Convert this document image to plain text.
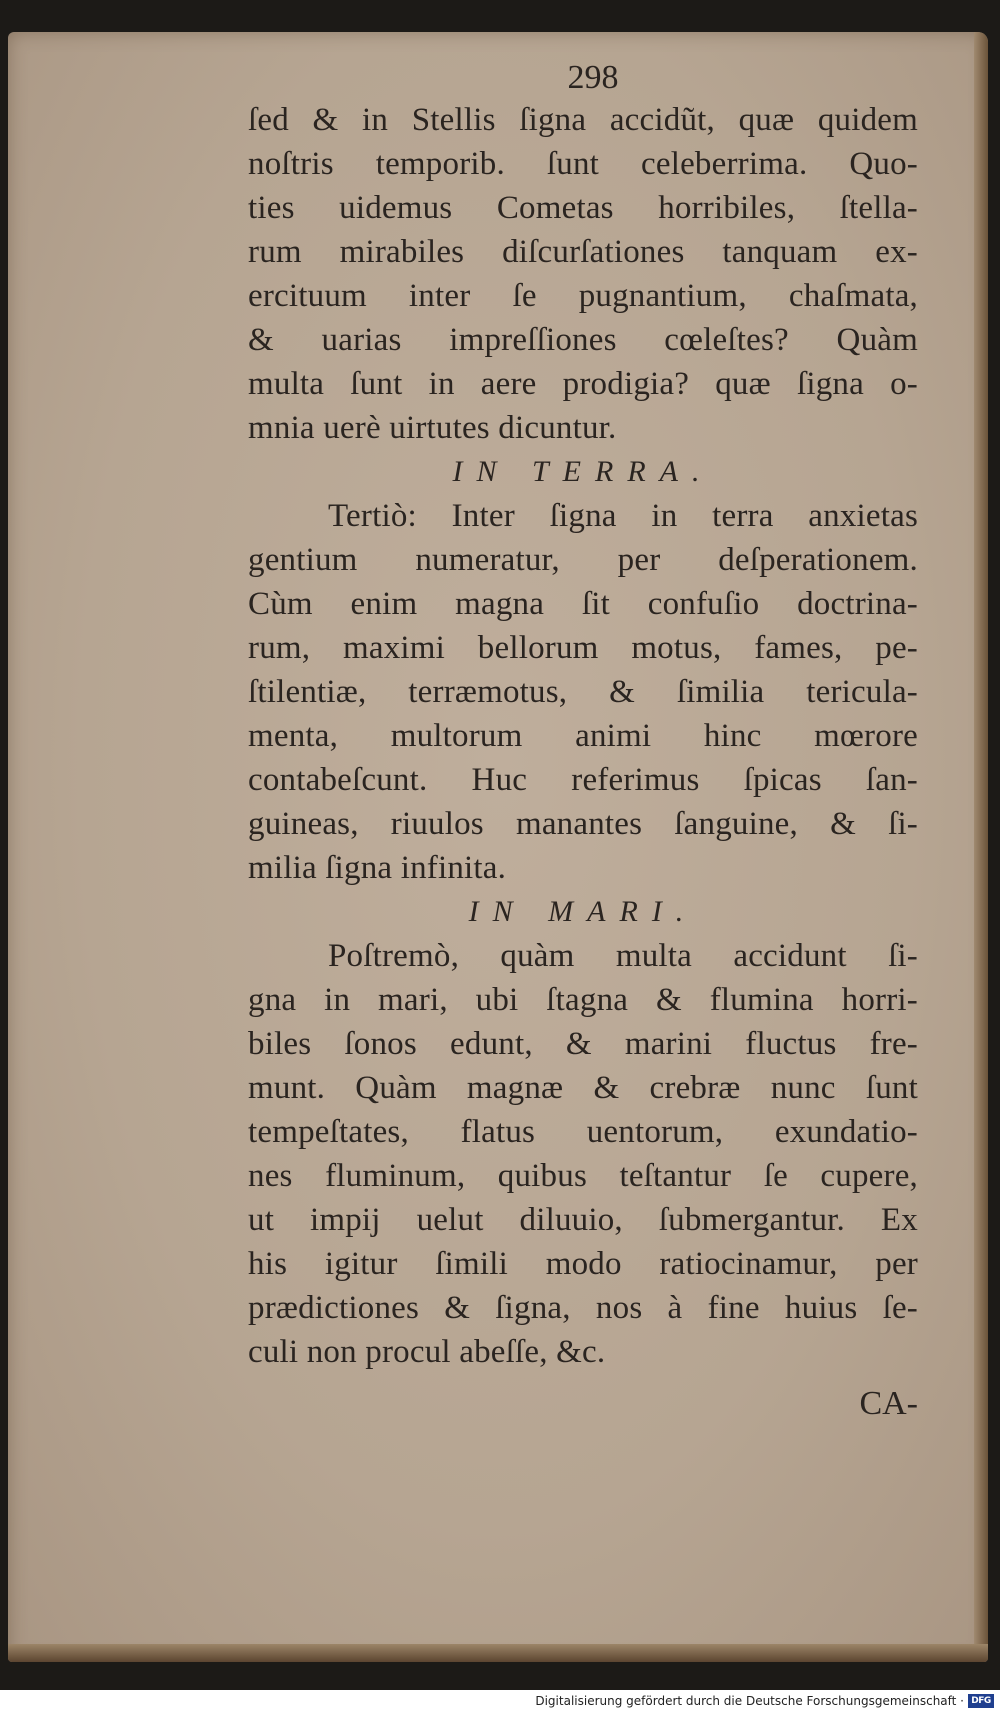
298
ſed & in Stellis ſigna accidũt, quæ quidem
noſtris temporib. ſunt celeberrima. Quo-
ties uidemus Cometas horribiles, ſtella-
rum mirabiles diſcurſationes tanquam ex-
ercituum inter ſe pugnantium, chaſmata,
& uarias impreſſiones cœleſtes? Quàm
multa ſunt in aere prodigia? quæ ſigna o-
mnia uerè uirtutes dicuntur.
IN TERRA.
Tertiò: Inter ſigna in terra anxietas
gentium numeratur, per deſperationem.
Cùm enim magna ſit confuſio doctrina-
rum, maximi bellorum motus, fames, pe-
ſtilentiæ, terræmotus, & ſimilia tericula-
menta, multorum animi hinc mœrore
contabeſcunt. Huc referimus ſpicas ſan-
guineas, riuulos manantes ſanguine, & ſi-
milia ſigna infinita.
IN MARI.
Poſtremò, quàm multa accidunt ſi-
gna in mari, ubi ſtagna & flumina horri-
biles ſonos edunt, & marini fluctus fre-
munt. Quàm magnæ & crebræ nunc ſunt
tempeſtates, flatus uentorum, exundatio-
nes fluminum, quibus teſtantur ſe cupere,
ut impij uelut diluuio, ſubmergantur. Ex
his igitur ſimili modo ratiocinamur, per
prædictiones & ſigna, nos à fine huius ſe-
culi non procul abeſſe, &c.
CA-
Digitalisierung gefördert durch die Deutsche Forschungsgemeinschaft · DFG
